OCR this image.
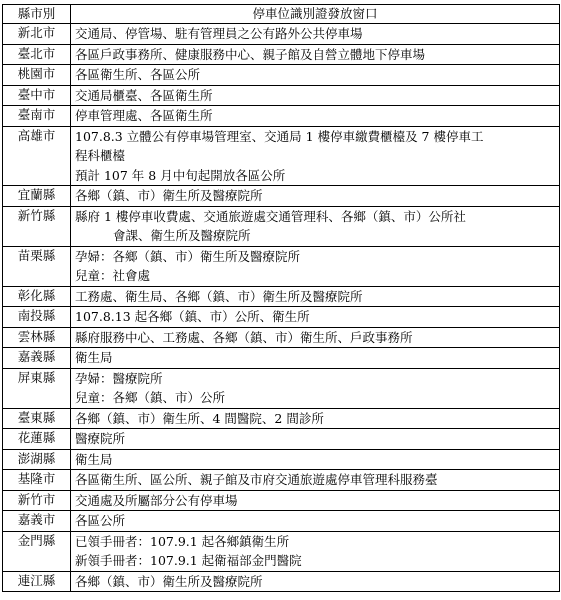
縣市別	停車位識別證發放窗口
新北市	交通局、停管場、駐有管理員之公有路外公共停車場

臺北市	各區戶政事務所、健康服務中心、親子館及自營立體地下停車場

桃園市	各區衛生所、各區公所

臺中市	交通局櫃臺、各區衛生所

臺南市	停車管理處、各區衛生所

高雄市	107.8.3 立體公有停車場管理室、交通局 1 樓停車繳費櫃檯及 7 樓停車工
程科櫃檯
預計 107 年 8 月中旬起開放各區公所

宜蘭縣	各鄉（鎮、市）衛生所及醫療院所

新竹縣	縣府 1 樓停車收費處、交通旅遊處交通管理科、各鄉（鎮、市）公所社
會課、衛生所及醫療院所

苗栗縣	孕婦：各鄉（鎮、市）衛生所及醫療院所
兒童：社會處

彰化縣	工務處、衛生局、各鄉（鎮、市）衛生所及醫療院所

南投縣	107.8.13 起各鄉（鎮、市）公所、衛生所

雲林縣	縣府服務中心、工務處、各鄉（鎮、市）衛生所、戶政事務所

嘉義縣	衛生局

屏東縣	孕婦：醫療院所
兒童：各鄉（鎮、市）公所

臺東縣	各鄉（鎮、市）衛生所、4 間醫院、2 間診所

花蓮縣	醫療院所

澎湖縣	衛生局

基隆市	各區衛生所、區公所、親子館及市府交通旅遊處停車管理科服務臺

新竹市	交通處及所屬部分公有停車場

嘉義市	各區公所

金門縣	已領手冊者：107.9.1 起各鄉鎮衛生所
新領手冊者：107.9.1 起衛福部金門醫院

連江縣	各鄉（鎮、市）衛生所及醫療院所
